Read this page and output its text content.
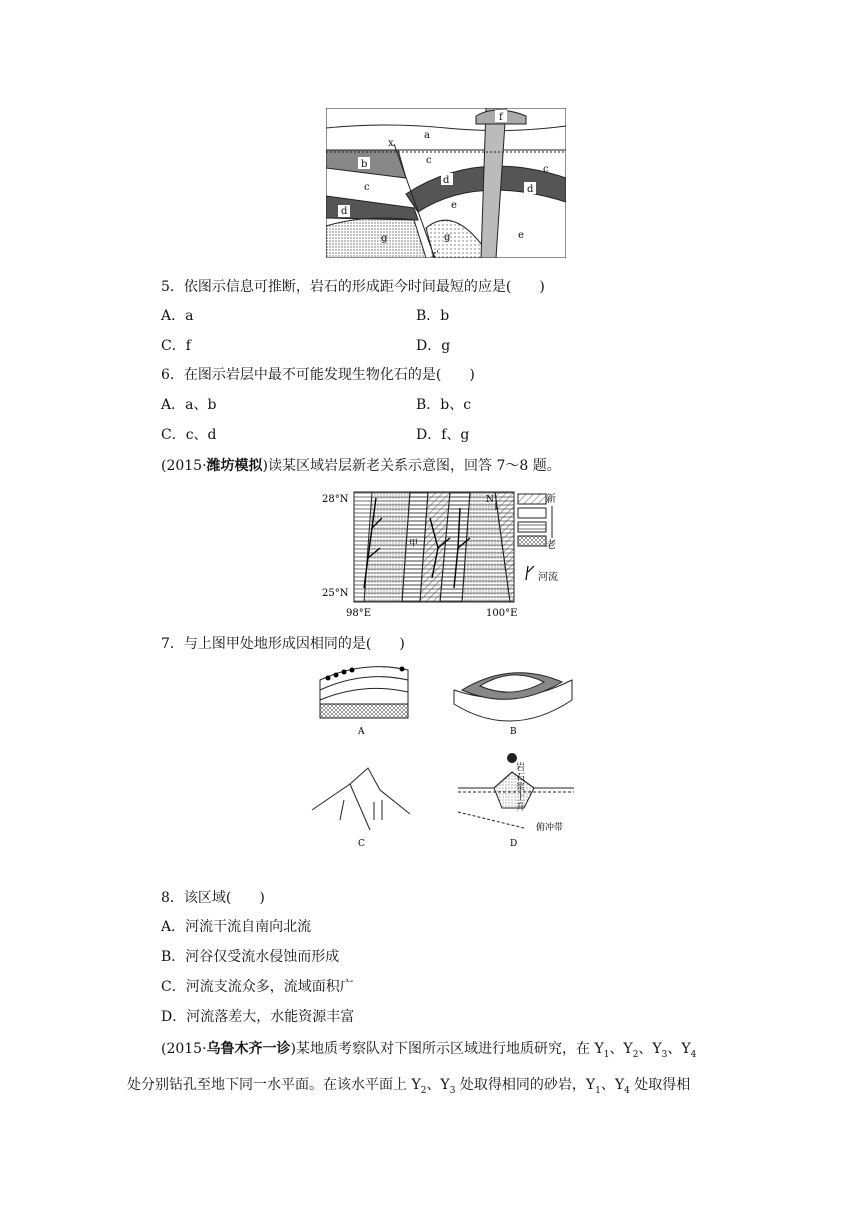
a
b
c
c
d
d
d
e
e
f
g	g
c
x
x'
5．依图示信息可推断，岩石的形成距今时间最短的应是(　　)
A．a	B．b
C．f	D．g
6．在图示岩层中最不可能发现生物化石的是(　　)
A．a、b	B．b、c
C．c、d	D．f、g
(2015·潍坊模拟)读某区域岩层新老关系示意图，回答 7～8 题。
N
甲
28°N
25°N
98°E	100°E
新
老
河流
7．与上图甲处地形成因相同的是(　　)
A	B
C
岩
石
浆
上
升
俯冲带
D
8．该区域(　　)
A．河流干流自南向北流
B．河谷仅受流水侵蚀而形成
C．河流支流众多，流域面积广
D．河流落差大，水能资源丰富
(2015·乌鲁木齐一诊)某地质考察队对下图所示区域进行地质研究，在 $Y_1$、$Y_2$、$Y_3$、$Y_4$
处分别钻孔至地下同一水平面。在该水平面上 $Y_2$、$Y_3$ 处取得相同的砂岩，$Y_1$、$Y_4$ 处取得相
